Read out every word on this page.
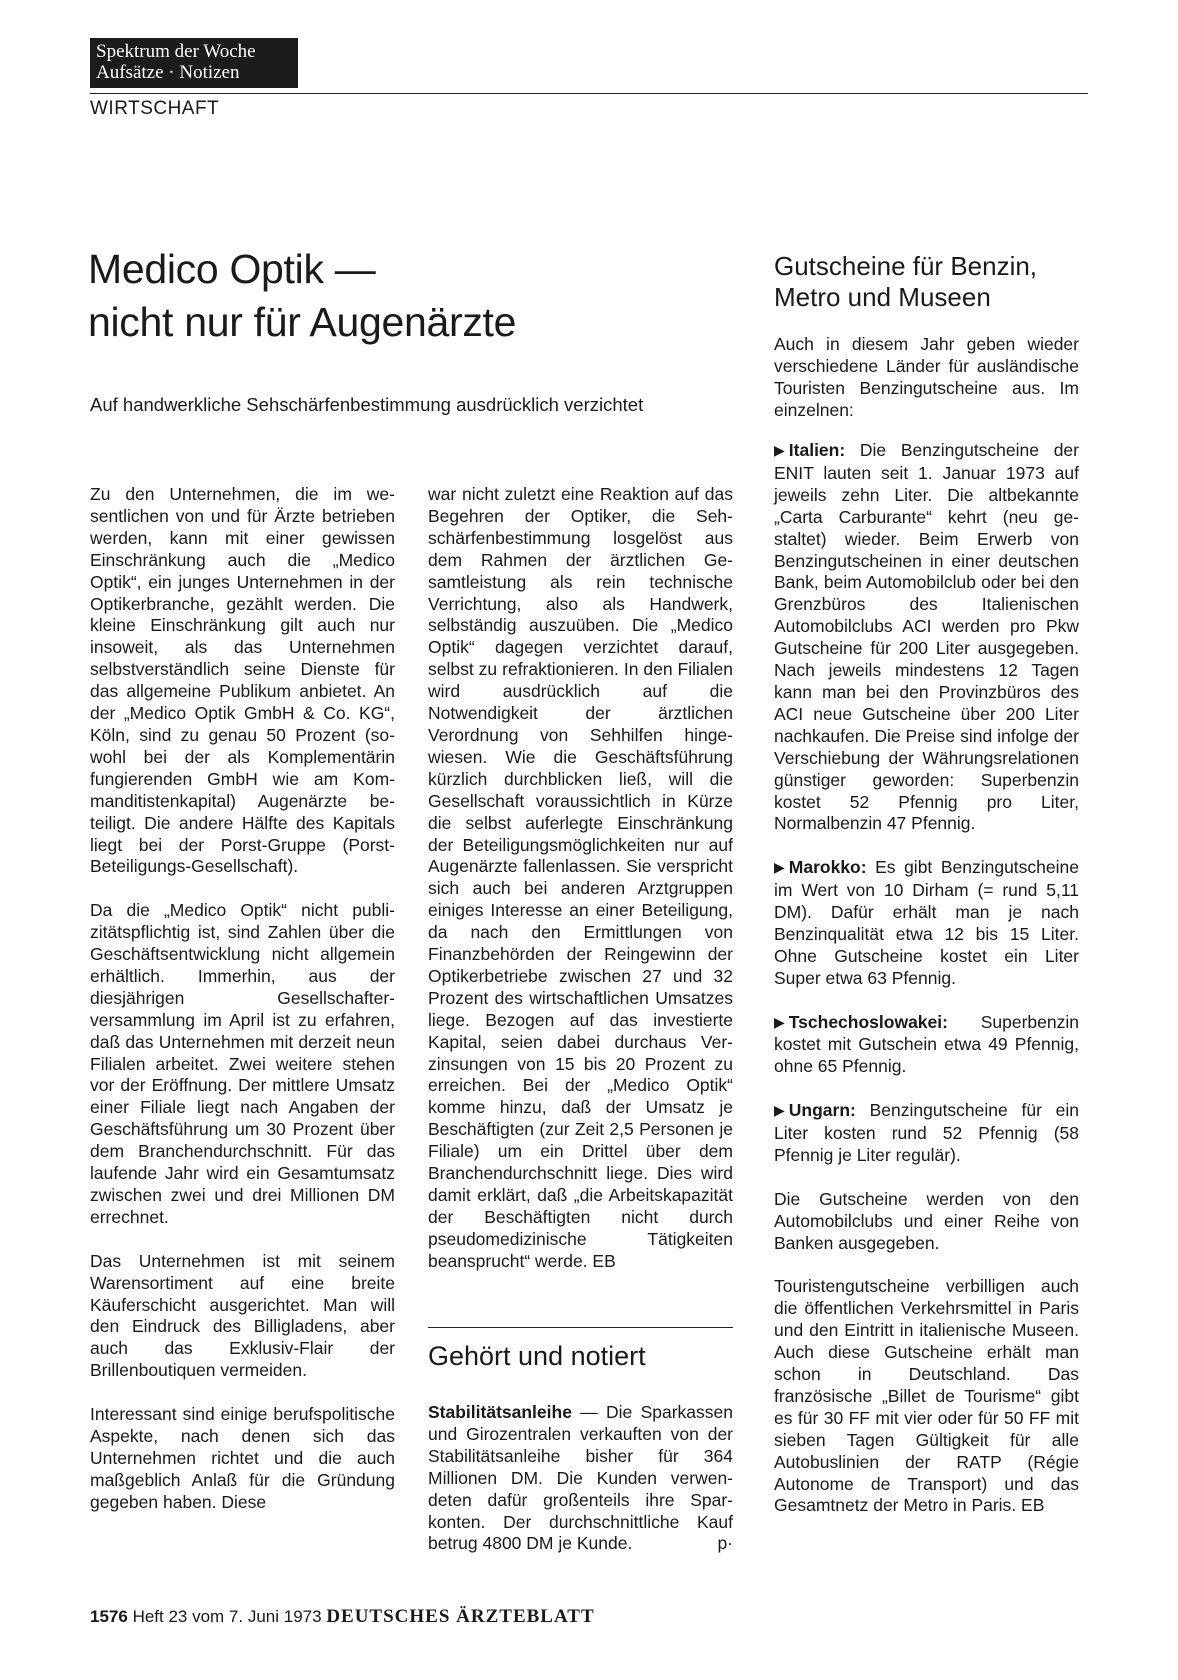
Spektrum der Woche
Aufsätze · Notizen
WIRTSCHAFT
Medico Optik —
nicht nur für Augenärzte
Auf handwerkliche Sehschärfenbestimmung ausdrücklich verzichtet

Zu den Unternehmen, die im wesentlichen von und für Ärzte betrieben werden, kann mit einer gewissen Einschränkung auch die „Medico Optik“, ein junges Unternehmen in der Optikerbranche, gezählt werden. Die kleine Einschränkung gilt auch nur insoweit, als das Unternehmen selbstverständlich seine Dienste für das allgemeine Publikum anbietet. An der „Medico Optik GmbH & Co. KG“, Köln, sind zu genau 50 Prozent (sowohl bei der als Komplementärin fungierenden GmbH wie am Kommanditistenkapital) Augenärzte beteiligt. Die andere Hälfte des Kapitals liegt bei der Porst-Gruppe (Porst-Beteiligungs-Gesellschaft).

Da die „Medico Optik“ nicht publizitätspflichtig ist, sind Zahlen über die Geschäftsentwicklung nicht allgemein erhältlich. Immerhin, aus der diesjährigen Gesellschafterversammlung im April ist zu erfahren, daß das Unternehmen mit derzeit neun Filialen arbeitet. Zwei weitere stehen vor der Eröffnung. Der mittlere Umsatz einer Filiale liegt nach Angaben der Geschäftsführung um 30 Prozent über dem Branchendurchschnitt. Für das laufende Jahr wird ein Gesamtumsatz zwischen zwei und drei Millionen DM errechnet.

Das Unternehmen ist mit seinem Warensortiment auf eine breite Käuferschicht ausgerichtet. Man will den Eindruck des Billigladens, aber auch das Exklusiv-Flair der Brillenboutiquen vermeiden.

Interessant sind einige berufspolitische Aspekte, nach denen sich das Unternehmen richtet und die auch maßgeblich Anlaß für die Gründung gegeben haben. Diese

war nicht zuletzt eine Reaktion auf das Begehren der Optiker, die Sehschärfenbestimmung losgelöst aus dem Rahmen der ärztlichen Gesamtleistung als rein technische Verrichtung, also als Handwerk, selbständig auszuüben. Die „Medico Optik“ dagegen verzichtet darauf, selbst zu refraktionieren. In den Filialen wird ausdrücklich auf die Notwendigkeit der ärztlichen Verordnung von Sehhilfen hingewiesen. Wie die Geschäftsführung kürzlich durchblicken ließ, will die Gesellschaft voraussichtlich in Kürze die selbst auferlegte Einschränkung der Beteiligungsmöglichkeiten nur auf Augenärzte fallenlassen. Sie verspricht sich auch bei anderen Arztgruppen einiges Interesse an einer Beteiligung, da nach den Ermittlungen von Finanzbehörden der Reingewinn der Optikerbetriebe zwischen 27 und 32 Prozent des wirtschaftlichen Umsatzes liege. Bezogen auf das investierte Kapital, seien dabei durchaus Verzinsungen von 15 bis 20 Prozent zu erreichen. Bei der „Medico Optik“ komme hinzu, daß der Umsatz je Beschäftigten (zur Zeit 2,5 Personen je Filiale) um ein Drittel über dem Branchendurchschnitt liege. Dies wird damit erklärt, daß „die Arbeitskapazität der Beschäftigten nicht durch pseudomedizinische Tätigkeiten beansprucht“ werde. EB

Gehört und notiert

Stabilitätsanleihe — Die Sparkassen und Girozentralen verkauften von der Stabilitätsanleihe bisher für 364 Millionen DM. Die Kunden verwendeten dafür großenteils ihre Sparkonten. Der durchschnittliche Kauf betrug 4800 DM je Kunde.	p·

Gutscheine für Benzin,
Metro und Museen

Auch in diesem Jahr geben wieder verschiedene Länder für ausländische Touristen Benzingutscheine aus. Im einzelnen:

▶ Italien: Die Benzingutscheine der ENIT lauten seit 1. Januar 1973 auf jeweils zehn Liter. Die altbekannte „Carta Carburante“ kehrt (neu gestaltet) wieder. Beim Erwerb von Benzingutscheinen in einer deutschen Bank, beim Automobilclub oder bei den Grenzbüros des Italienischen Automobilclubs ACI werden pro Pkw Gutscheine für 200 Liter ausgegeben. Nach jeweils mindestens 12 Tagen kann man bei den Provinzbüros des ACI neue Gutscheine über 200 Liter nachkaufen. Die Preise sind infolge der Verschiebung der Währungsrelationen günstiger geworden: Superbenzin kostet 52 Pfennig pro Liter, Normalbenzin 47 Pfennig.

▶ Marokko: Es gibt Benzingutscheine im Wert von 10 Dirham (= rund 5,11 DM). Dafür erhält man je nach Benzinqualität etwa 12 bis 15 Liter. Ohne Gutscheine kostet ein Liter Super etwa 63 Pfennig.

▶ Tschechoslowakei: Superbenzin kostet mit Gutschein etwa 49 Pfennig, ohne 65 Pfennig.

▶ Ungarn: Benzingutscheine für ein Liter kosten rund 52 Pfennig (58 Pfennig je Liter regulär).

Die Gutscheine werden von den Automobilclubs und einer Reihe von Banken ausgegeben.

Touristengutscheine verbilligen auch die öffentlichen Verkehrsmittel in Paris und den Eintritt in italienische Museen. Auch diese Gutscheine erhält man schon in Deutschland. Das französische „Billet de Tourisme“ gibt es für 30 FF mit vier oder für 50 FF mit sieben Tagen Gültigkeit für alle Autobuslinien der RATP (Régie Autonome de Transport) und das Gesamtnetz der Metro in Paris. EB

1576 Heft 23 vom 7. Juni 1973 DEUTSCHES ÄRZTEBLATT
